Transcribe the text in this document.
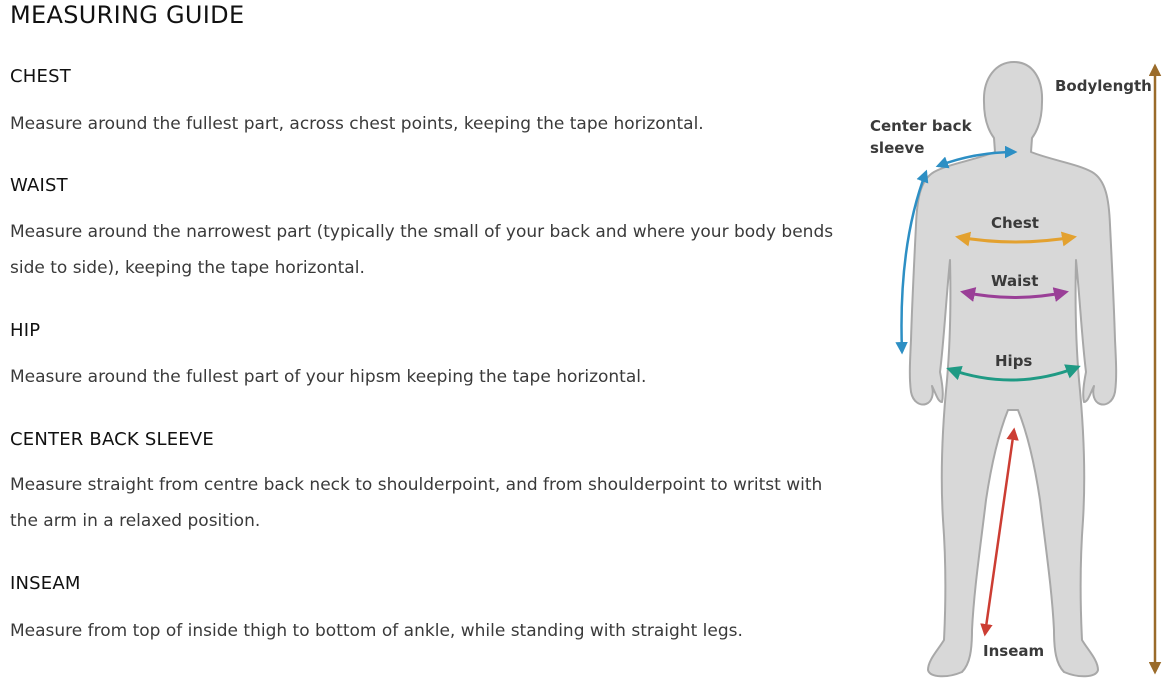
MEASURING GUIDE
CHEST

Measure around the fullest part, across chest points, keeping the tape horizontal.

WAIST

Measure around the narrowest part (typically the small of your back and where your body bends side to side), keeping the tape horizontal.

HIP

Measure around the fullest part of your hipsm keeping the tape horizontal.

CENTER BACK SLEEVE

Measure straight from centre back neck to shoulderpoint, and from shoulderpoint to writst with the arm in a relaxed position.

INSEAM

Measure from top of inside thigh to bottom of ankle, while standing with straight legs.

Bodylength
Center back
sleeve
Chest
Waist
Hips
Inseam
